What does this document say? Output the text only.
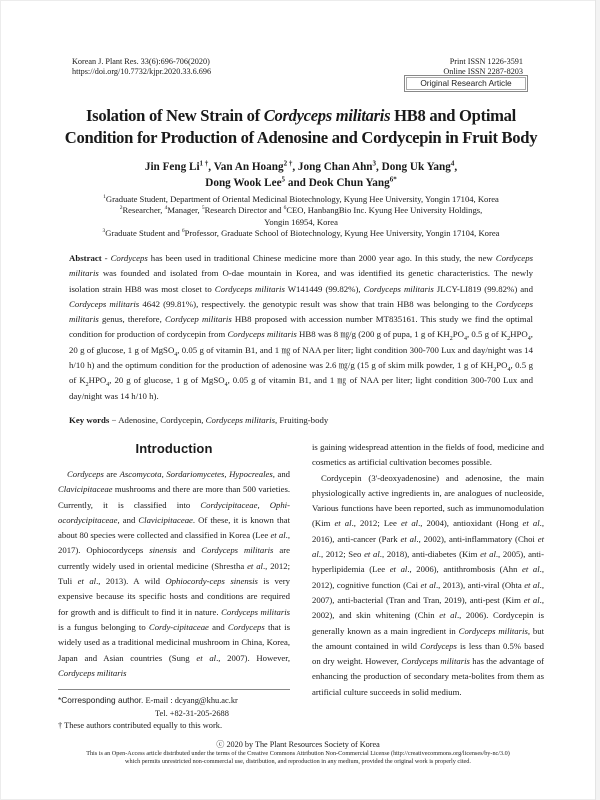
Korean J. Plant Res. 33(6):696-706(2020)
https://doi.org/10.7732/kjpr.2020.33.6.696
Print ISSN 1226-3591
Online ISSN 2287-8203
Original Research Article
Isolation of New Strain of Cordyceps militaris HB8 and Optimal
Condition for Production of Adenosine and Cordycepin in Fruit Body
Jin Feng $Li^{1 \dagger}$, Van An Hoang$^{2 \dagger}$, Jong Chan Ahn$^3$, Dong Uk Yang$^4$,
Dong Wook Lee$^5$ and Deok Chun Yang$^{6*}$
$^1$Graduate Student, Department of Oriental Medicinal Biotechnology, Kyung Hee University, Yongin 17104, Korea
$^2$Researcher, $^4$Manager, $^5$Research Director and $^6$CEO, HanbangBio Inc. Kyung Hee University Holdings,
Yongin 16954, Korea
$^3$Graduate Student and $^6$Professor, Graduate School of Biotechnology, Kyung Hee University, Yongin 17104, Korea
Abstract - Cordyceps has been used in traditional Chinese medicine more than 2000 year ago. In this study, the new Cordyceps militaris was founded and isolated from O-dae mountain in Korea, and was identified its genetic characteristics. The newly isolation strain HB8 was most closet to Cordyceps militaris W141449 (99.82%), Cordyceps militaris JLCY-LI819 (99.82%) and Cordyceps militaris 4642 (99.81%), respectively. the genotypic result was show that train HB8 was belonging to the Cordyceps militaris genus, therefore, Cordycep militaris HB8 proposed with accession number MT835161. This study we find the optimal condition for production of cordycepin from Cordyceps militaris HB8 was 8 ㎎/g (200 g of pupa, 1 g of $KH_2PO_4$, 0.5 g of $K_2HPO_4$, 20 g of glucose, 1 g of MgSO$_4$, 0.05 g of vitamin B1, and 1 ㎎ of NAA per liter; light condition 300-700 Lux and day/night was 14 h/10 h) and the optimum condition for the production of adenosine was 2.6 ㎎/g (15 g of skim milk powder, 1 g of $KH_2PO_4$, 0.5 g of $K_2HPO_4$, 20 g of glucose, 1 g of MgSO$_4$, 0.05 g of vitamin B1, and 1 ㎎ of NAA per liter; light condition 300-700 Lux and day/night was 14 h/10 h).
Key words − Adenosine, Cordycepin, Cordyceps militaris, Fruiting-body
Introduction

Cordyceps are Ascomycota, Sordariomycetes, Hypocreales, and Clavicipitaceae mushrooms and there are more than 500 varieties. Currently, it is classified into Cordycipitaceae, Ophi-ocordycipitaceae, and Clavicipitaceae. Of these, it is known that about 80 species were collected and classified in Korea (Lee et al., 2017). Ophiocordyceps sinensis and Cordyceps militaris are currently widely used in oriental medicine (Shrestha et al., 2012; Tuli et al., 2013). A wild Ophiocordy-ceps sinensis is very expensive because its specific hosts and conditions are required for growth and is difficult to find it in nature. Cordyceps militaris is a fungus belonging to Cordy-cipitaceae and Cordyceps that is widely used as a traditional medicinal mushroom in China, Korea, Japan and Asian countries (Sung et al., 2007). However, Cordyceps militaris

*Corresponding author. E-mail : dcyang@khu.ac.kr
Tel. +82-31-205-2688
† These authors contributed equally to this work.

is gaining widespread attention in the fields of food, medicine and cosmetics as artificial cultivation becomes possible.

Cordycepin (3'-deoxyadenosine) and adenosine, the main physiologically active ingredients in, are analogues of nucleoside, Various functions have been reported, such as immunomodulation (Kim et al., 2012; Lee et al., 2004), antioxidant (Hong et al., 2016), anti-cancer (Park et al., 2002), anti-inflammatory (Choi et al., 2012; Seo et al., 2018), anti-diabetes (Kim et al., 2005), anti-hyperlipidemia (Lee et al., 2006), antithrombosis (Ahn et al., 2012), cognitive function (Cai et al., 2013), anti-viral (Ohta et al., 2007), anti-bacterial (Tran and Tran, 2019), anti-pest (Kim et al., 2002), and skin whitening (Chin et al., 2006). Cordycepin is generally known as a main ingredient in Cordyceps militaris, but the amount contained in wild Cordyceps is less than 0.5% based on dry weight. However, Cordyceps militaris has the advantage of enhancing the production of secondary meta-bolites from them as artificial culture succeeds in solid medium.

ⓒ 2020 by The Plant Resources Society of Korea
This is an Open-Access article distributed under the terms of the Creative Commons Attribution Non-Commercial License (http://creativecommons.org/licenses/by-nc/3.0)
which permits unrestricted non-commercial use, distribution, and reproduction in any medium, provided the original work is properly cited.
